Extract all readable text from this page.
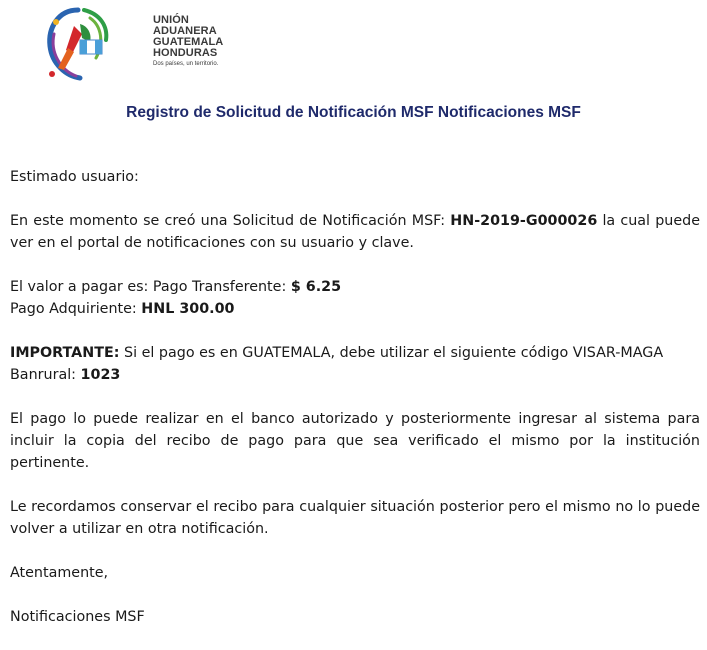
UNIÓN
ADUANERA
GUATEMALA
HONDURAS
Dos países, un territorio.
Registro de Solicitud de Notificación MSF Notificaciones MSF

Estimado usuario:

En este momento se creó una Solicitud de Notificación MSF: HN-2019-G000026 la cual puede ver en el portal de notificaciones con su usuario y clave.

El valor a pagar es: Pago Transferente: $ 6.25
Pago Adquiriente: HNL 300.00

IMPORTANTE: Si el pago es en GUATEMALA, debe utilizar el siguiente código VISAR-MAGA Banrural: 1023

El pago lo puede realizar en el banco autorizado y posteriormente ingresar al sistema para incluir la copia del recibo de pago para que sea verificado el mismo por la institución pertinente.

Le recordamos conservar el recibo para cualquier situación posterior pero el mismo no lo puede volver a utilizar en otra notificación.

Atentamente,

Notificaciones MSF
